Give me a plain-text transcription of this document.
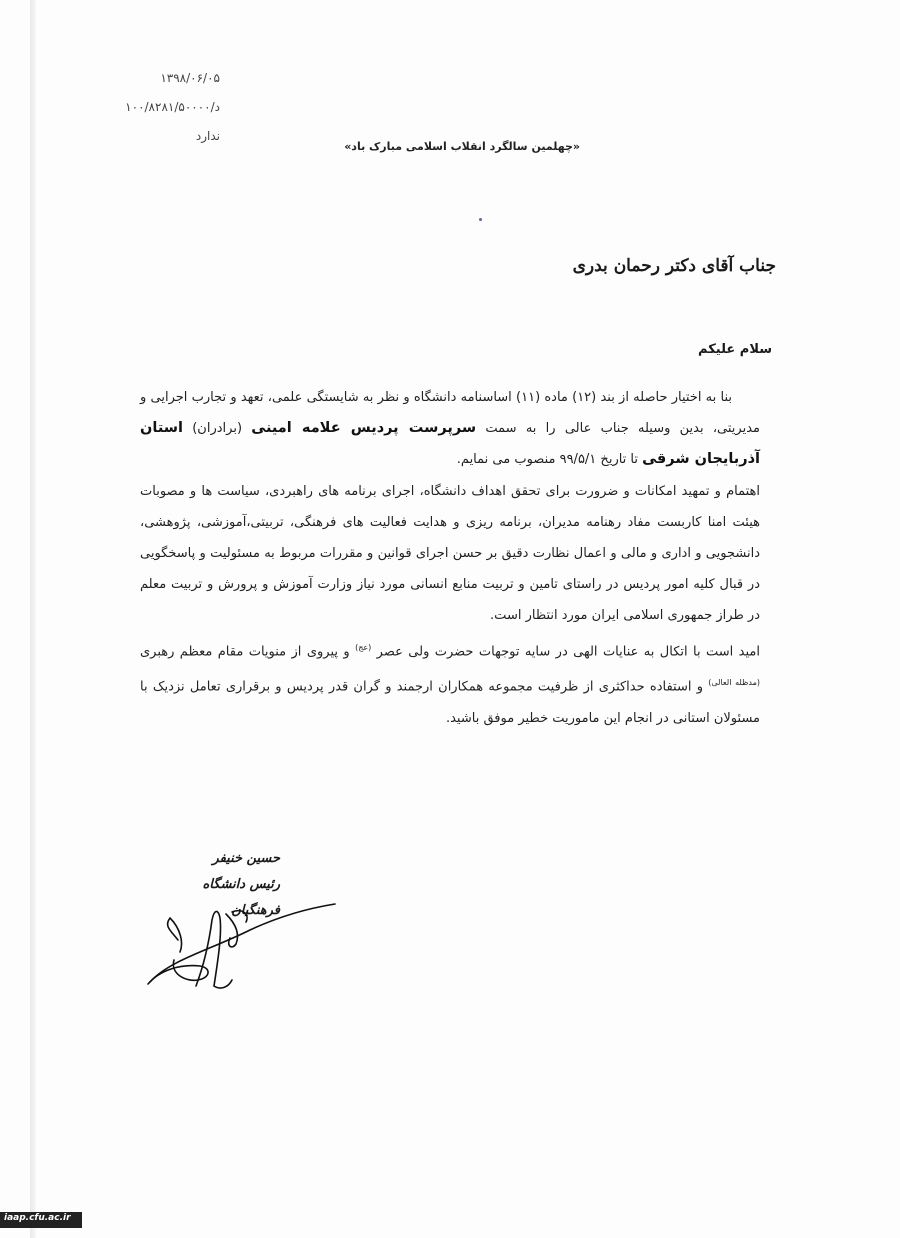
۱۳۹۸/۰۶/۰۵
۱۰۰/۸۲۸۱/۵۰۰۰۰/د
ندارد
«چهلمین سالگرد انقلاب اسلامی مبارک باد»
جناب آقای دکتر رحمان بدری
سلام علیکم

بنا به اختیار حاصله از بند (۱۲) ماده (۱۱) اساسنامه دانشگاه و نظر به شایستگی علمی، تعهد و تجارب اجرایی و مدیریتی، بدین وسیله جناب عالی را به سمت سرپرست پردیس علامه امینی (برادران) استان آذربایجان شرقی تا تاریخ ۹۹/۵/۱ منصوب می نمایم.

اهتمام و تمهید امکانات و ضرورت برای تحقق اهداف دانشگاه، اجرای برنامه های راهبردی، سیاست ها و مصوبات هیئت امنا کاربست مفاد رهنامه مدیران، برنامه ریزی و هدایت فعالیت های فرهنگی، تربیتی،آموزشی، پژوهشی، دانشجویی و اداری و مالی و اعمال نظارت دقیق بر حسن اجرای قوانین و مقررات مربوط به مسئولیت و پاسخگویی در قبال کلیه امور پردیس در راستای تامین و تربیت منابع انسانی مورد نیاز وزارت آموزش و پرورش و تربیت معلم در طراز جمهوری اسلامی ایران مورد انتظار است.

امید است با اتکال به عنایات الهی در سایه توجهات حضرت ولی عصر $^{(عج)}$ و پیروی از منویات مقام معظم رهبری $^{(مدظله العالی)}$ و استفاده حداکثری از ظرفیت مجموعه همکاران ارجمند و گران قدر پردیس و برقراری تعامل نزدیک با مسئولان استانی در انجام این ماموریت خطیر موفق باشید.

حسین خنیفر
رئیس دانشگاه فرهنگیان
iaap.cfu.ac.ir
